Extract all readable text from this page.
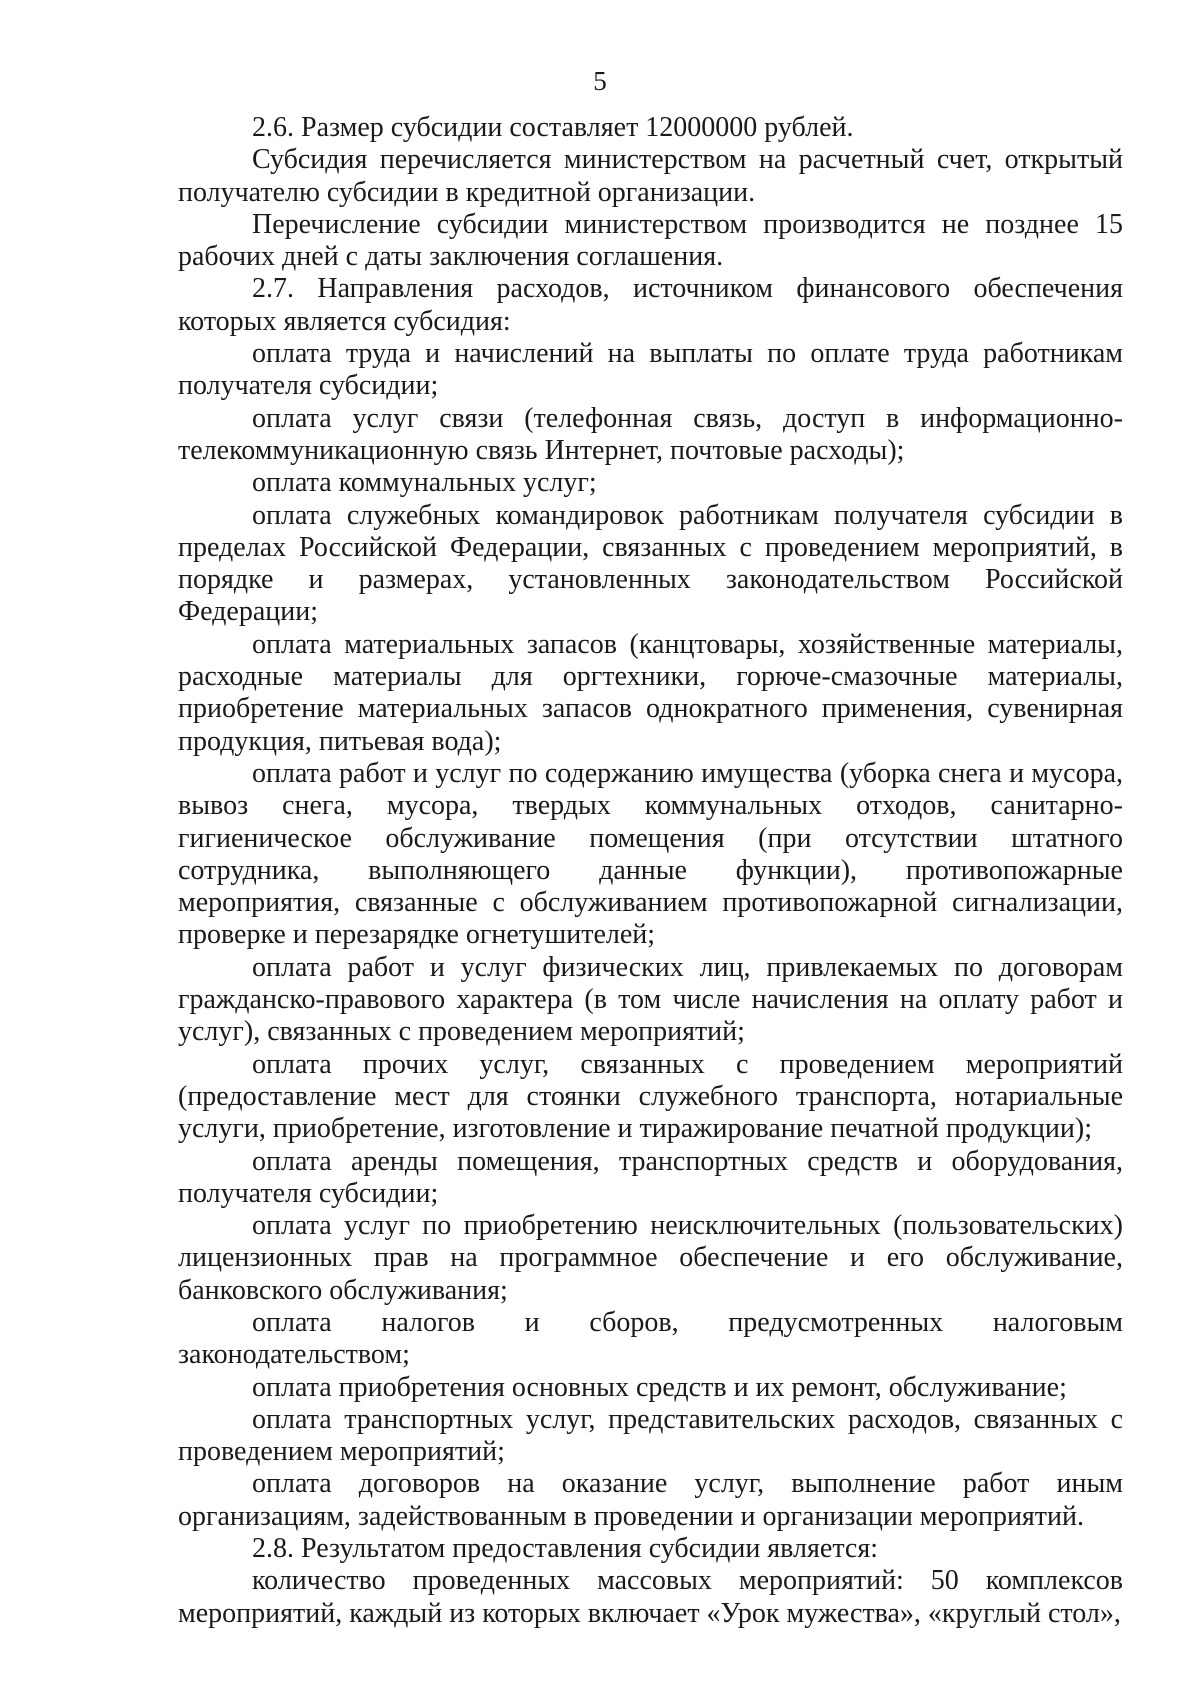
5

2.6. Размер субсидии составляет 12000000 рублей.

Субсидия перечисляется министерством на расчетный счет, открытый получателю субсидии в кредитной организации.

Перечисление субсидии министерством производится не позднее 15 рабочих дней с даты заключения соглашения.

2.7. Направления расходов, источником финансового обеспечения которых является субсидия:

оплата труда и начислений на выплаты по оплате труда работникам получателя субсидии;

оплата услуг связи (телефонная связь, доступ в информационно-телекоммуникационную связь Интернет, почтовые расходы);

оплата коммунальных услуг;

оплата служебных командировок работникам получателя субсидии в пределах Российской Федерации, связанных с проведением мероприятий, в порядке и размерах, установленных законодательством Российской Федерации;

оплата материальных запасов (канцтовары, хозяйственные материалы, расходные материалы для оргтехники, горюче-смазочные материалы, приобретение материальных запасов однократного применения, сувенирная продукция, питьевая вода);

оплата работ и услуг по содержанию имущества (уборка снега и мусора, вывоз снега, мусора, твердых коммунальных отходов, санитарно-гигиеническое обслуживание помещения (при отсутствии штатного сотрудника, выполняющего данные функции), противопожарные мероприятия, связанные с обслуживанием противопожарной сигнализации, проверке и перезарядке огнетушителей;

оплата работ и услуг физических лиц, привлекаемых по договорам гражданско-правового характера (в том числе начисления на оплату работ и услуг), связанных с проведением мероприятий;

оплата прочих услуг, связанных с проведением мероприятий (предоставление мест для стоянки служебного транспорта, нотариальные услуги, приобретение, изготовление и тиражирование печатной продукции);

оплата аренды помещения, транспортных средств и оборудования, получателя субсидии;

оплата услуг по приобретению неисключительных (пользовательских) лицензионных прав на программное обеспечение и его обслуживание, банковского обслуживания;

оплата налогов и сборов, предусмотренных налоговым законодательством;

оплата приобретения основных средств и их ремонт, обслуживание;

оплата транспортных услуг, представительских расходов, связанных с проведением мероприятий;

оплата договоров на оказание услуг, выполнение работ иным организациям, задействованным в проведении и организации мероприятий.

2.8. Результатом предоставления субсидии является:

количество проведенных массовых мероприятий: 50 комплексов мероприятий, каждый из которых включает «Урок мужества», «круглый стол»,
